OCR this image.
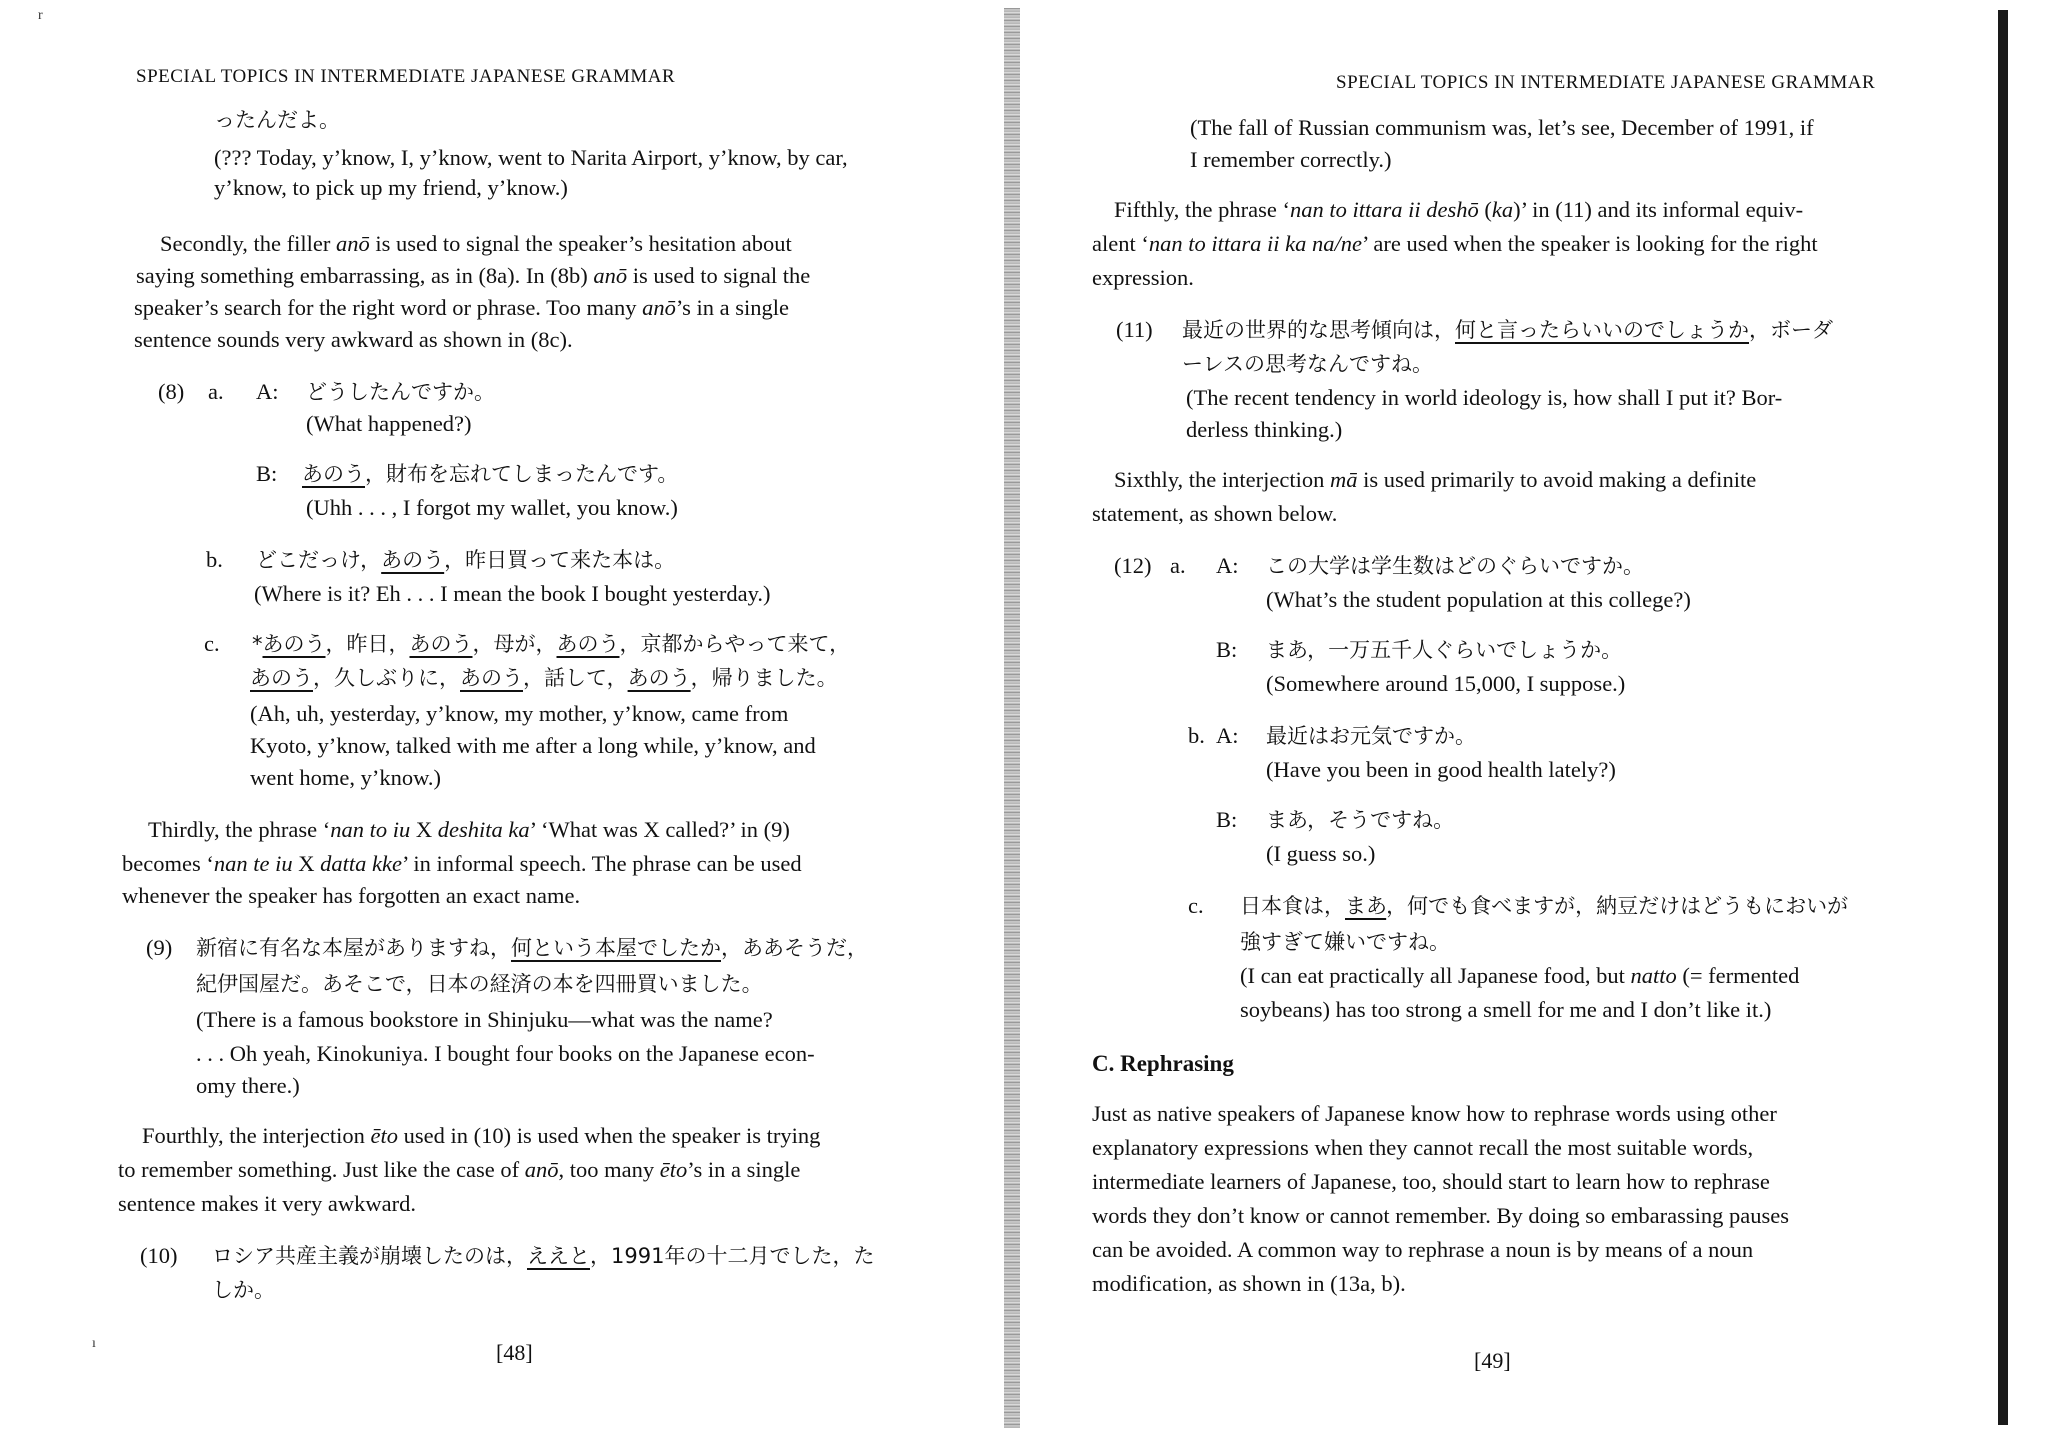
r
SPECIAL TOPICS IN INTERMEDIATE JAPANESE GRAMMAR
ったんだよ。
(??? Today, y’know, I, y’know, went to Narita Airport, y’know, by car,
y’know, to pick up my friend, y’know.)
Secondly, the filler anō is used to signal the speaker’s hesitation about
saying something embarrassing, as in (8a). In (8b) anō is used to signal the
speaker’s search for the right word or phrase. Too many anō’s in a single
sentence sounds very awkward as shown in (8c).
(8) a. A: どうしたんですか。
(What happened?)
B: あのう，財布を忘れてしまったんです。
(Uhh . . . , I forgot my wallet, you know.)
b. どこだっけ，あのう，昨日買って来た本は。
(Where is it? Eh . . . I mean the book I bought yesterday.)
c. *あのう，昨日，あのう，母が，あのう，京都からやって来て，
あのう，久しぶりに，あのう，話して，あのう，帰りました。
(Ah, uh, yesterday, y’know, my mother, y’know, came from
Kyoto, y’know, talked with me after a long while, y’know, and
went home, y’know.)
Thirdly, the phrase ‘nan to iu X deshita ka’ ‘What was X called?’ in (9)
becomes ‘nan te iu X datta kke’ in informal speech. The phrase can be used
whenever the speaker has forgotten an exact name.
(9) 新宿に有名な本屋がありますね，何という本屋でしたか，ああそうだ，
紀伊国屋だ。あそこで，日本の経済の本を四冊買いました。
(There is a famous bookstore in Shinjuku—what was the name?
. . . Oh yeah, Kinokuniya. I bought four books on the Japanese econ-
omy there.)
Fourthly, the interjection ēto used in (10) is used when the speaker is trying
to remember something. Just like the case of anō, too many ēto’s in a single
sentence makes it very awkward.
(10) ロシア共産主義が崩壊したのは，ええと，1991年の十二月でした，た
しか。
ı	[48]
SPECIAL TOPICS IN INTERMEDIATE JAPANESE GRAMMAR
(The fall of Russian communism was, let’s see, December of 1991, if
I remember correctly.)
Fifthly, the phrase ‘nan to ittara ii deshō (ka)’ in (11) and its informal equiv-
alent ‘nan to ittara ii ka na/ne’ are used when the speaker is looking for the right
expression.
(11) 最近の世界的な思考傾向は，何と言ったらいいのでしょうか，ボーダ
ーレスの思考なんですね。
(The recent tendency in world ideology is, how shall I put it? Bor-
derless thinking.)
Sixthly, the interjection mā is used primarily to avoid making a definite
statement, as shown below.
(12) a. A: この大学は学生数はどのぐらいですか。
(What’s the student population at this college?)
B: まあ，一万五千人ぐらいでしょうか。
(Somewhere around 15,000, I suppose.)
b. A: 最近はお元気ですか。
(Have you been in good health lately?)
B: まあ，そうですね。
(I guess so.)
c. 日本食は，まあ，何でも食べますが，納豆だけはどうもにおいが
強すぎて嫌いですね。
(I can eat practically all Japanese food, but natto (= fermented
soybeans) has too strong a smell for me and I don’t like it.)
C. Rephrasing
Just as native speakers of Japanese know how to rephrase words using other
explanatory expressions when they cannot recall the most suitable words,
intermediate learners of Japanese, too, should start to learn how to rephrase
words they don’t know or cannot remember. By doing so embarassing pauses
can be avoided. A common way to rephrase a noun is by means of a noun
modification, as shown in (13a, b).
[49]
